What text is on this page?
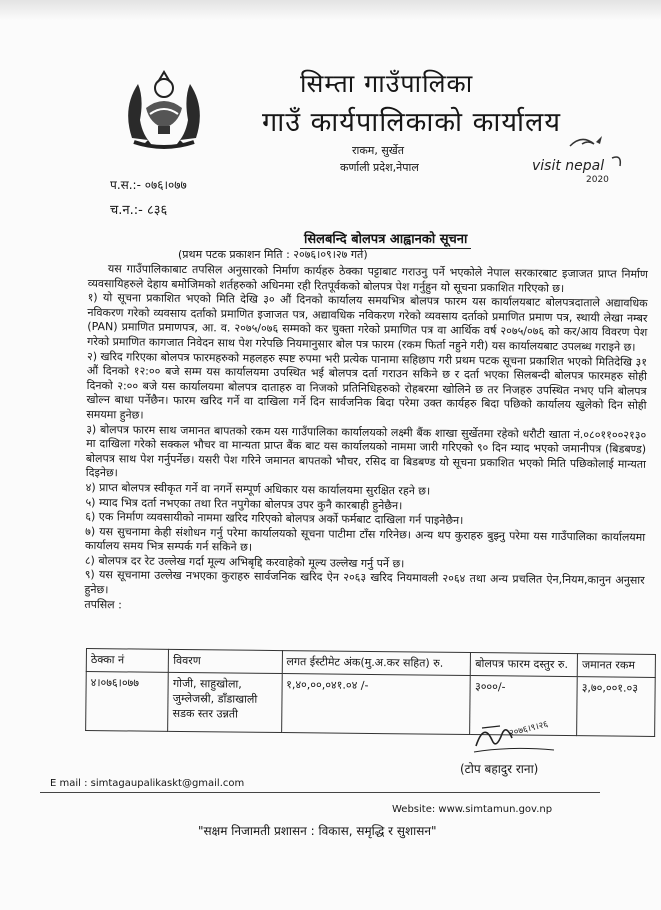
सिम्ता गाउँपालिका
गाउँ कार्यपालिकाको कार्यालय
राकम, सुर्खेत
कर्णाली प्रदेश,नेपाल	visit nepal
2020
प.स.:- ०७६।०७७
च.न.:- ८३६
सिलबन्दि बोलपत्र आह्वानको सूचना
(प्रथम पटक प्रकाशन मिति : २०७६।०९।२७ गते)

यस गाउँपालिकाबाट तपसिल अनुसारको निर्माण कार्यहरु ठेक्का पट्टाबाट गराउनु पर्ने भएकोले नेपाल सरकारबाट इजाजत प्राप्त निर्माण व्यवसायिहरुले देहाय बमोजिमको शर्तहरुको अधिनमा रही रितपूर्वकको बोलपत्र पेश गर्नुहुन यो सूचना प्रकाशित गरिएको छ।

१) यो सूचना प्रकाशित भएको मिति देखि ३० औं दिनको कार्यालय समयभित्र बोलपत्र फारम यस कार्यालयबाट बोलपत्रदाताले अद्यावधिक नविकरण गरेको व्यवसाय दर्ताको प्रमाणित इजाजत पत्र, अद्यावधिक नविकरण गरेको व्यवसाय दर्ताको प्रमाणित प्रमाण पत्र, स्थायी लेखा नम्बर (PAN) प्रमाणित प्रमाणपत्र, आ. व. २०७५/०७६ सम्मको कर चुक्ता गरेको प्रमाणित पत्र वा आर्थिक वर्ष २०७५/०७६ को कर/आय विवरण पेश गरेको प्रमाणित कागजात निवेदन साथ पेश गरेपछि नियमानुसार बोल पत्र फारम (रकम फिर्ता नहुने गरी) यस कार्यालयबाट उपलब्ध गराइने छ।

२) खरिद गरिएका बोलपत्र फारमहरुको महलहरु स्पष्ट रुपमा भरी प्रत्येक पानामा सहिछाप गरी प्रथम पटक सूचना प्रकाशित भएको मितिदेखि ३१ औं दिनको १२:०० बजे सम्म यस कार्यालयमा उपस्थित भई बोलपत्र दर्ता गराउन सकिने छ र दर्ता भएका सिलबन्दी बोलपत्र फारमहरु सोही दिनको २:०० बजे यस कार्यालयमा बोलपत्र दाताहरु वा निजको प्रतिनिधिहरुको रोहबरमा खोलिने छ तर निजहरु उपस्थित नभए पनि बोलपत्र खोल्न बाधा पर्नेछैन। फारम खरिद गर्ने वा दाखिला गर्ने दिन सार्वजनिक बिदा परेमा उक्त कार्यहरु बिदा पछिको कार्यालय खुलेको दिन सोही समयमा हुनेछ।

३) बोलपत्र फारम साथ जमानत बापतको रकम यस गाउँपालिका कार्यालयको लक्ष्मी बैंक शाखा सुर्खेतमा रहेको धरौटी खाता नं.०८०११००२१३० मा दाखिला गरेको सक्कल भौचर वा मान्यता प्राप्त बैंक बाट यस कार्यालयको नाममा जारी गरिएको ९० दिन म्याद भएको जमानीपत्र (बिडबण्ड) बोलपत्र साथ पेश गर्नुपर्नेछ। यसरी पेश गरिने जमानत बापतको भौचर, रसिद वा बिडबण्ड यो सूचना प्रकाशित भएको मिति पछिकोलाई मान्यता दिइनेछ।

४) प्राप्त बोलपत्र स्वीकृत गर्ने वा नगर्ने सम्पूर्ण अधिकार यस कार्यालयमा सुरक्षित रहने छ।

५) म्याद भित्र दर्ता नभएका तथा रित नपुगेका बोलपत्र उपर कुनै कारबाही हुनेछैन।

६) एक निर्माण व्यवसायीको नाममा खरिद गरिएको बोलपत्र अर्को फर्मबाट दाखिला गर्न पाइनेछैन।

७) यस सुचनामा केही संशोधन गर्नु परेमा कार्यालयको सूचना पाटीमा टाँस गरिनेछ। अन्य थप कुराहरु बुझ्नु परेमा यस गाउँपालिका कार्यालयमा कार्यालय समय भित्र सम्पर्क गर्न सकिने छ।

८) बोलपत्र दर रेट उल्लेख गर्दा मूल्य अभिबृद्दि करवाहेको मूल्य उल्लेख गर्नु पर्ने छ।

९) यस सूचनामा उल्लेख नभएका कुराहरु सार्वजनिक खरिद ऐन २०६३ खरिद नियमावली २०६४ तथा अन्य प्रचलित ऐन,नियम,कानुन अनुसार हुनेछ।

तपसिल :

ठेक्का नं	विवरण	लगत ईस्टीमेट अंक(मु.अ.कर सहित) रु.	बोलपत्र फारम दस्तुर रु.	जमानत रकम
४।०७६।०७७	गोजी, साहुखोला, जुम्लेजस्री, डाँडाखाली सडक स्तर उन्नती	१,४०,००,०४१.०४ /-	३०००/-	३,७०,००१.०३
२०७६।९।२६
(टोप बहादुर राना)
E mail : simtagaupalikaskt@gmail.com
Website: www.simtamun.gov.np
"सक्षम निजामती प्रशासन : विकास, समृद्धि र सुशासन"
